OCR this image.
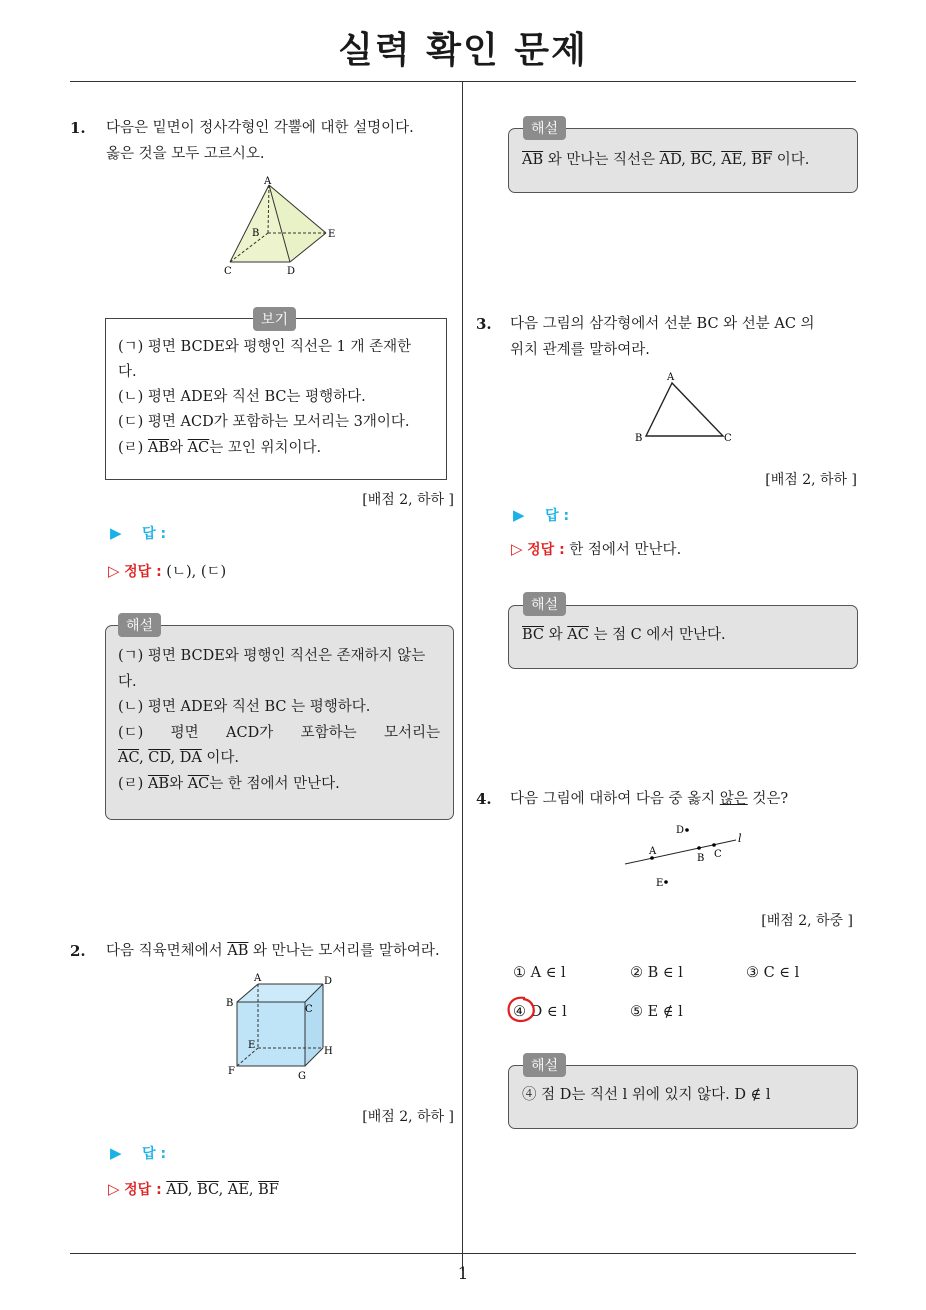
실력 확인 문제
1. 다음은 밑면이 정사각형인 각뿔에 대한 설명이다.
옳은 것을 모두 고르시오.
A
B
C	D
E
보기
(ㄱ) 평면 BCDE와 평행인 직선은 1 개 존재한
다.
(ㄴ) 평면 ADE와 직선 BC는 평행하다.
(ㄷ) 평면 ACD가 포함하는 모서리는 3개이다.
(ㄹ) $\overline{AB}$와 $\overline{AC}$는 꼬인 위치이다.
[배점 2, 하하 ]
▶ 답 :
▷ 정답 : (ㄴ), (ㄷ)
해설
(ㄱ) 평면 BCDE와 평행인 직선은 존재하지 않는
다.
(ㄴ) 평면 ADE와 직선 BC 는 평행하다.
(ㄷ) 평면 ACD가 포함하는 모서리는
$\overline{AC}$, $\overline{CD}$, $\overline{DA}$ 이다.
(ㄹ) $\overline{AB}$와 $\overline{AC}$는 한 점에서 만난다.
2. 다음 직육면체에서 $\overline{AB}$ 와 만나는 모서리를 말하여라.
A
B
C
D
E
F	G
H
[배점 2, 하하 ]
▶ 답 :
▷ 정답 : $\overline{AD}$, $\overline{BC}$, $\overline{AE}$, $\overline{BF}$
해설
$\overline{AB}$ 와 만나는 직선은 $\overline{AD}$, $\overline{BC}$, $\overline{AE}$, $\overline{BF}$ 이다.
3. 다음 그림의 삼각형에서 선분 BC 와 선분 AC 의
위치 관계를 말하여라.
A
B	C
[배점 2, 하하 ]
▶ 답 :
▷ 정답 : 한 점에서 만난다.
해설
$\overline{BC}$ 와 $\overline{AC}$ 는 점 C 에서 만난다.
4. 다음 그림에 대하여 다음 중 옳지 않은 것은?
D
l
A
B C
E
[배점 2, 하중 ]
① A ∈ l	② B ∈ l	③ C ∈ l
④ D ∈ l	⑤ E ∉ l
해설
④ 점 D는 직선 l 위에 있지 않다. D ∉ l
1
